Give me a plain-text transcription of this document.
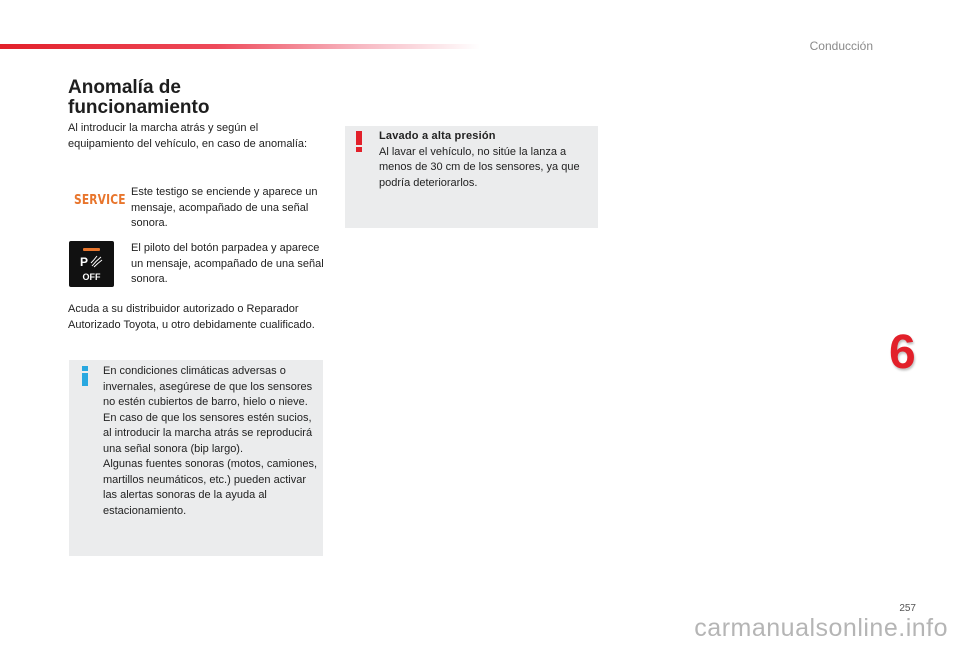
Conducción
Anomalía de
funcionamiento
Al introducir la marcha atrás y según el equipamiento del vehículo, en caso de anomalía:
SERVICE
Este testigo se enciende y aparece un mensaje, acompañado de una señal sonora.
P
OFF
El piloto del botón parpadea y aparece un mensaje, acompañado de una señal sonora.
Acuda a su distribuidor autorizado o Reparador Autorizado Toyota, u otro debidamente cualificado.
En condiciones climáticas adversas o invernales, asegúrese de que los sensores no estén cubiertos de barro, hielo o nieve. En caso de que los sensores estén sucios, al introducir la marcha atrás se reproducirá una señal sonora (bip largo).
Algunas fuentes sonoras (motos, camiones, martillos neumáticos, etc.) pueden activar las alertas sonoras de la ayuda al estacionamiento.
Lavado a alta presión
Al lavar el vehículo, no sitúe la lanza a menos de 30 cm de los sensores, ya que podría deteriorarlos.
6
257
carmanualsonline.info
